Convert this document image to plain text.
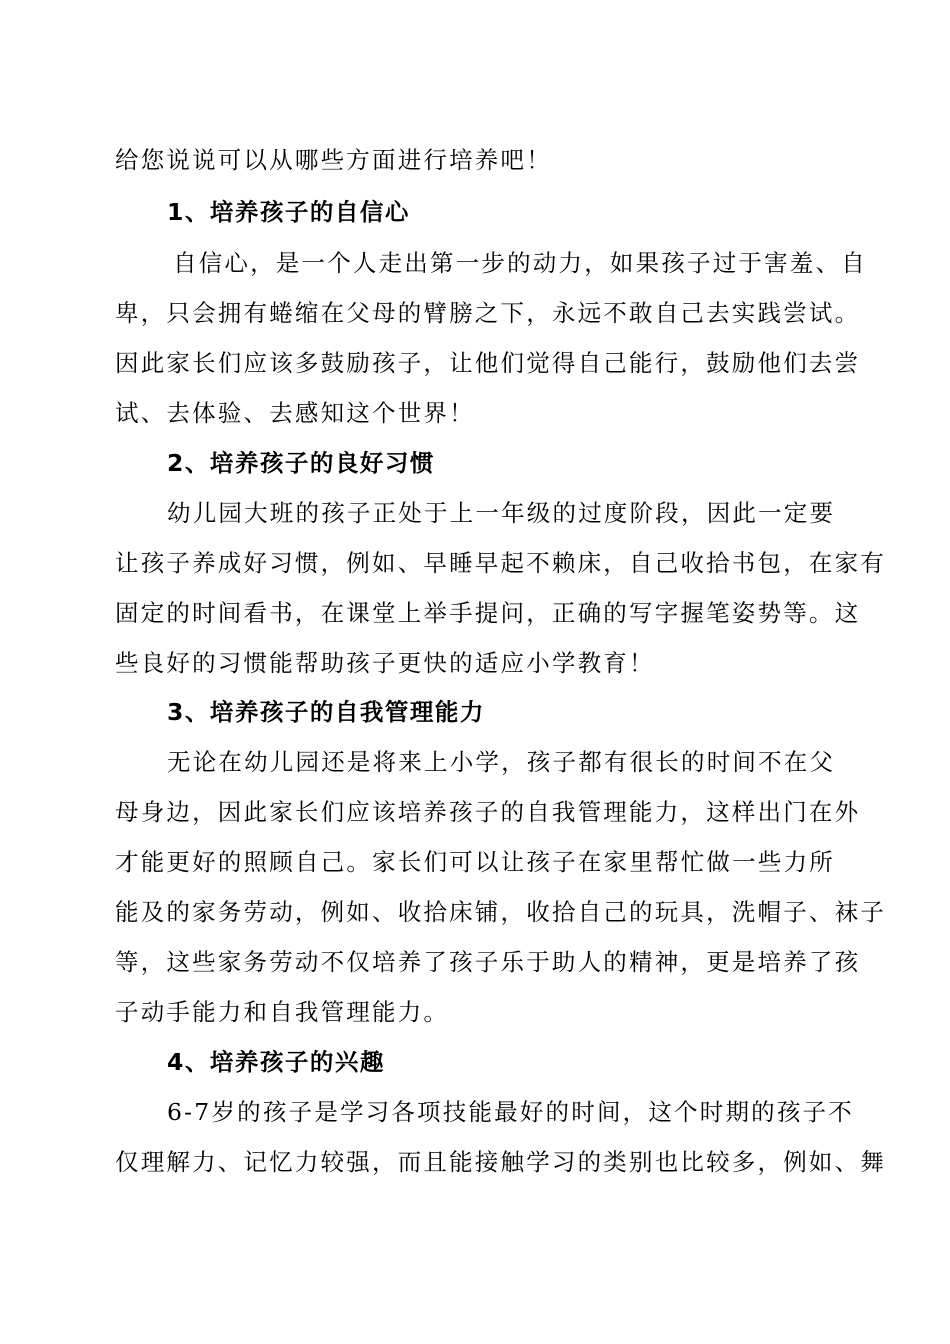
给您说说可以从哪些方面进行培养吧！
1、培养孩子的自信心
自信心，是一个人走出第一步的动力，如果孩子过于害羞、自
卑，只会拥有蜷缩在父母的臂膀之下，永远不敢自己去实践尝试。
因此家长们应该多鼓励孩子，让他们觉得自己能行，鼓励他们去尝
试、去体验、去感知这个世界！
2、培养孩子的良好习惯
幼儿园大班的孩子正处于上一年级的过度阶段，因此一定要
让孩子养成好习惯，例如、早睡早起不赖床，自己收拾书包，在家有
固定的时间看书，在课堂上举手提问，正确的写字握笔姿势等。这
些良好的习惯能帮助孩子更快的适应小学教育！
3、培养孩子的自我管理能力
无论在幼儿园还是将来上小学，孩子都有很长的时间不在父
母身边，因此家长们应该培养孩子的自我管理能力，这样出门在外
才能更好的照顾自己。家长们可以让孩子在家里帮忙做一些力所
能及的家务劳动，例如、收拾床铺，收拾自己的玩具，洗帽子、袜子
等，这些家务劳动不仅培养了孩子乐于助人的精神，更是培养了孩
子动手能力和自我管理能力。
4、培养孩子的兴趣
6-7岁的孩子是学习各项技能最好的时间，这个时期的孩子不
仅理解力、记忆力较强，而且能接触学习的类别也比较多，例如、舞
